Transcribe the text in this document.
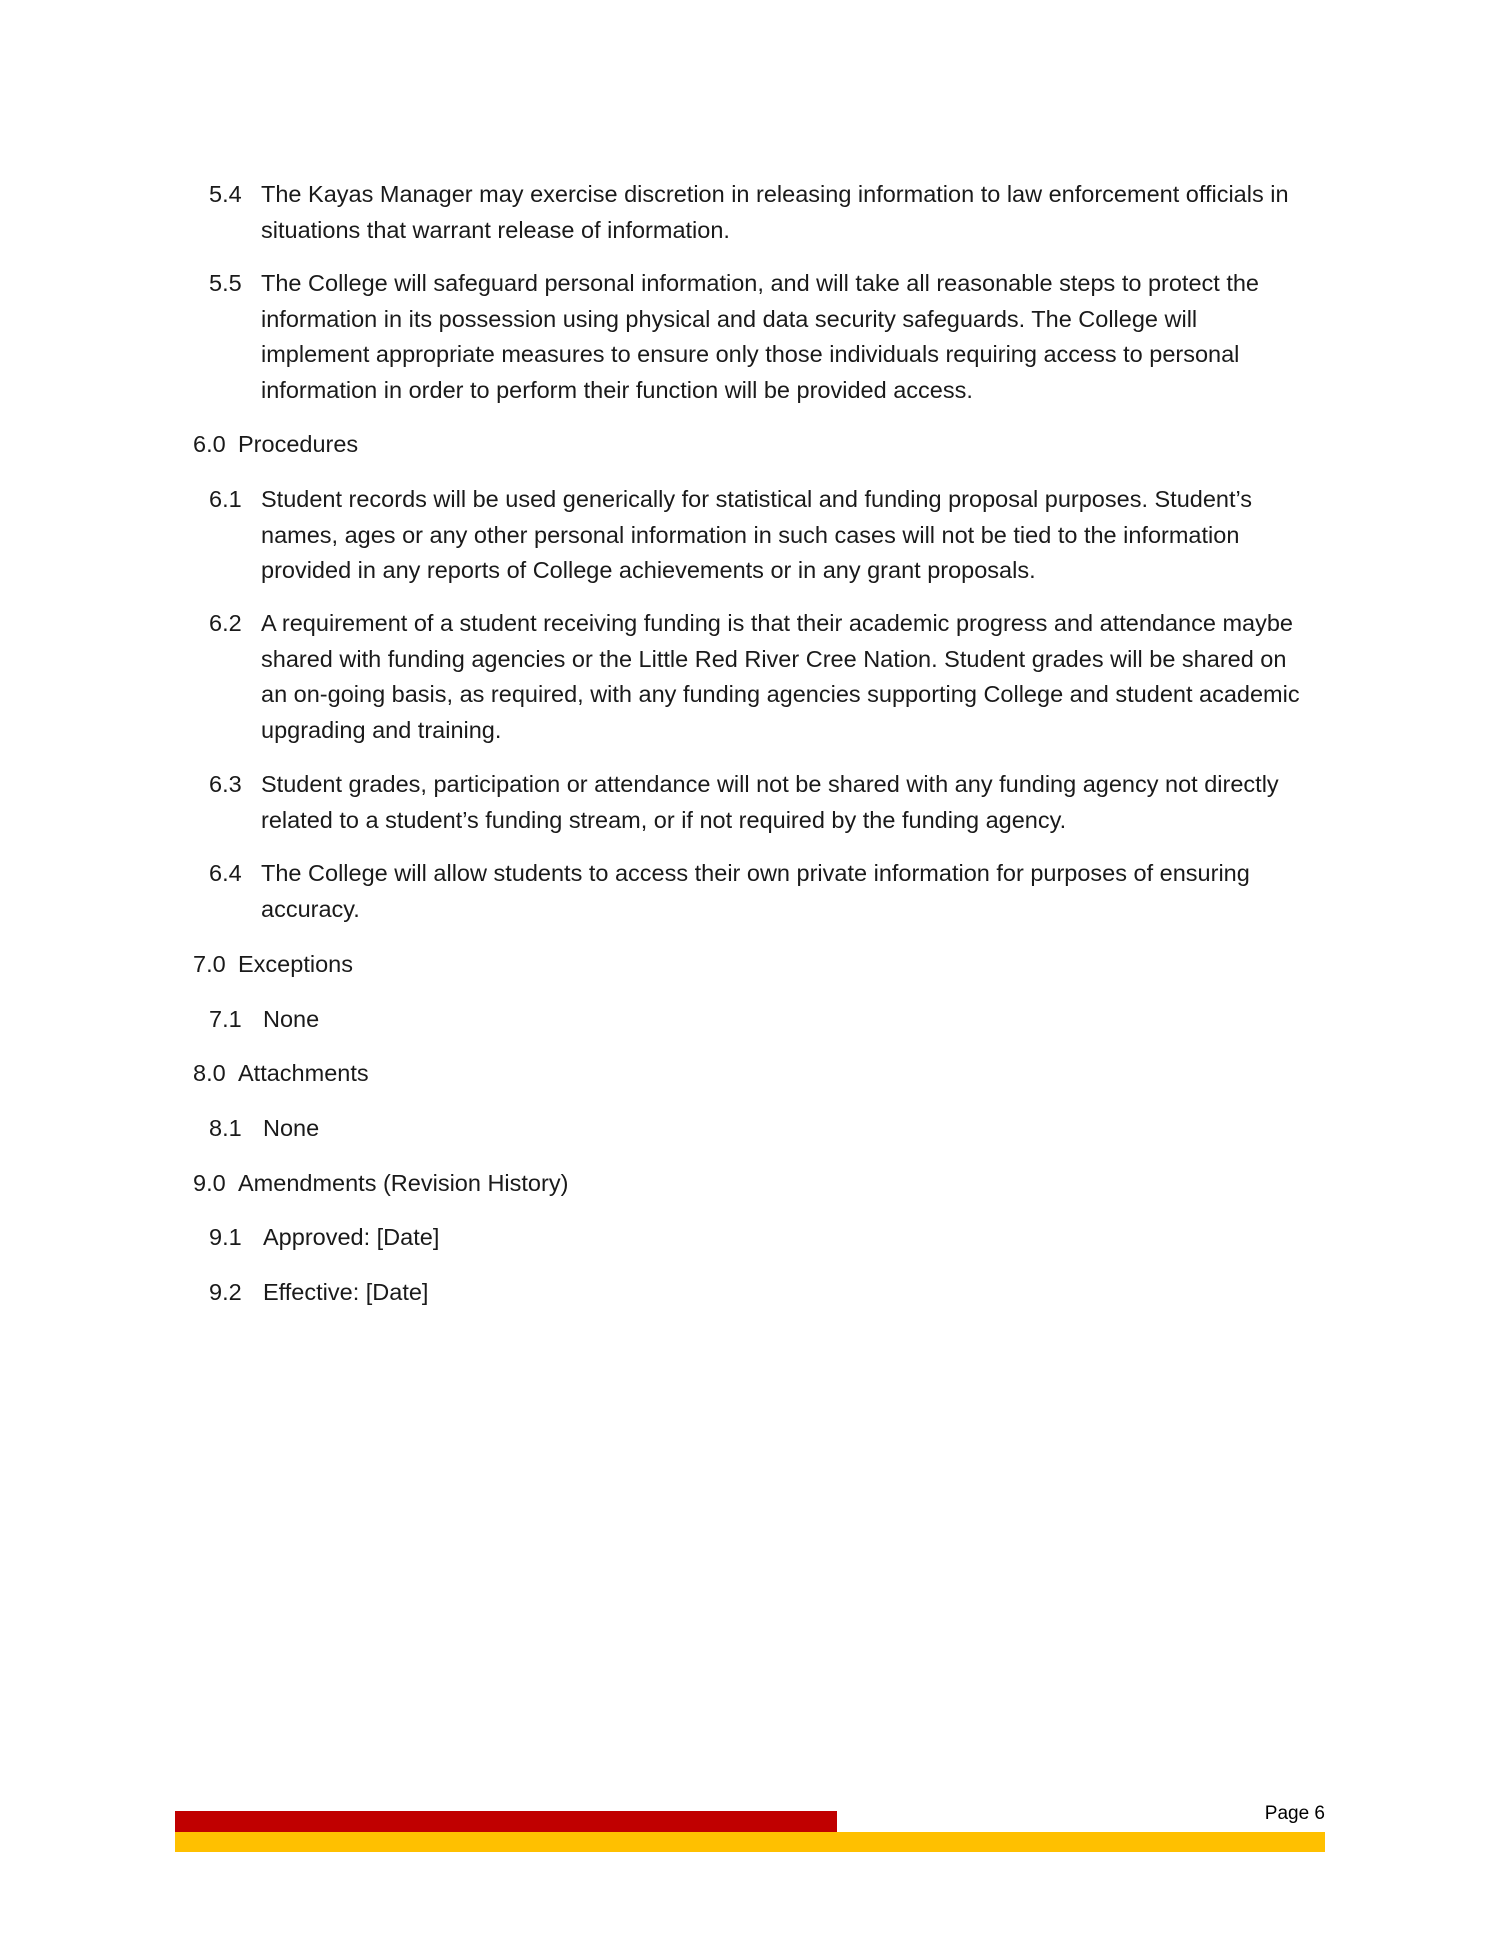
5.4 The Kayas Manager may exercise discretion in releasing information to law enforcement officials in
situations that warrant release of information.
5.5 The College will safeguard personal information, and will take all reasonable steps to protect the
information in its possession using physical and data security safeguards. The College will
implement appropriate measures to ensure only those individuals requiring access to personal
information in order to perform their function will be provided access.
6.0 Procedures
6.1 Student records will be used generically for statistical and funding proposal purposes. Student’s
names, ages or any other personal information in such cases will not be tied to the information
provided in any reports of College achievements or in any grant proposals.
6.2 A requirement of a student receiving funding is that their academic progress and attendance maybe
shared with funding agencies or the Little Red River Cree Nation. Student grades will be shared on
an on-going basis, as required, with any funding agencies supporting College and student academic
upgrading and training.
6.3 Student grades, participation or attendance will not be shared with any funding agency not directly
related to a student’s funding stream, or if not required by the funding agency.
6.4 The College will allow students to access their own private information for purposes of ensuring
accuracy.
7.0 Exceptions
7.1 None
8.0 Attachments
8.1 None
9.0 Amendments (Revision History)
9.1 Approved: [Date]
9.2 Effective: [Date]
Page 6
